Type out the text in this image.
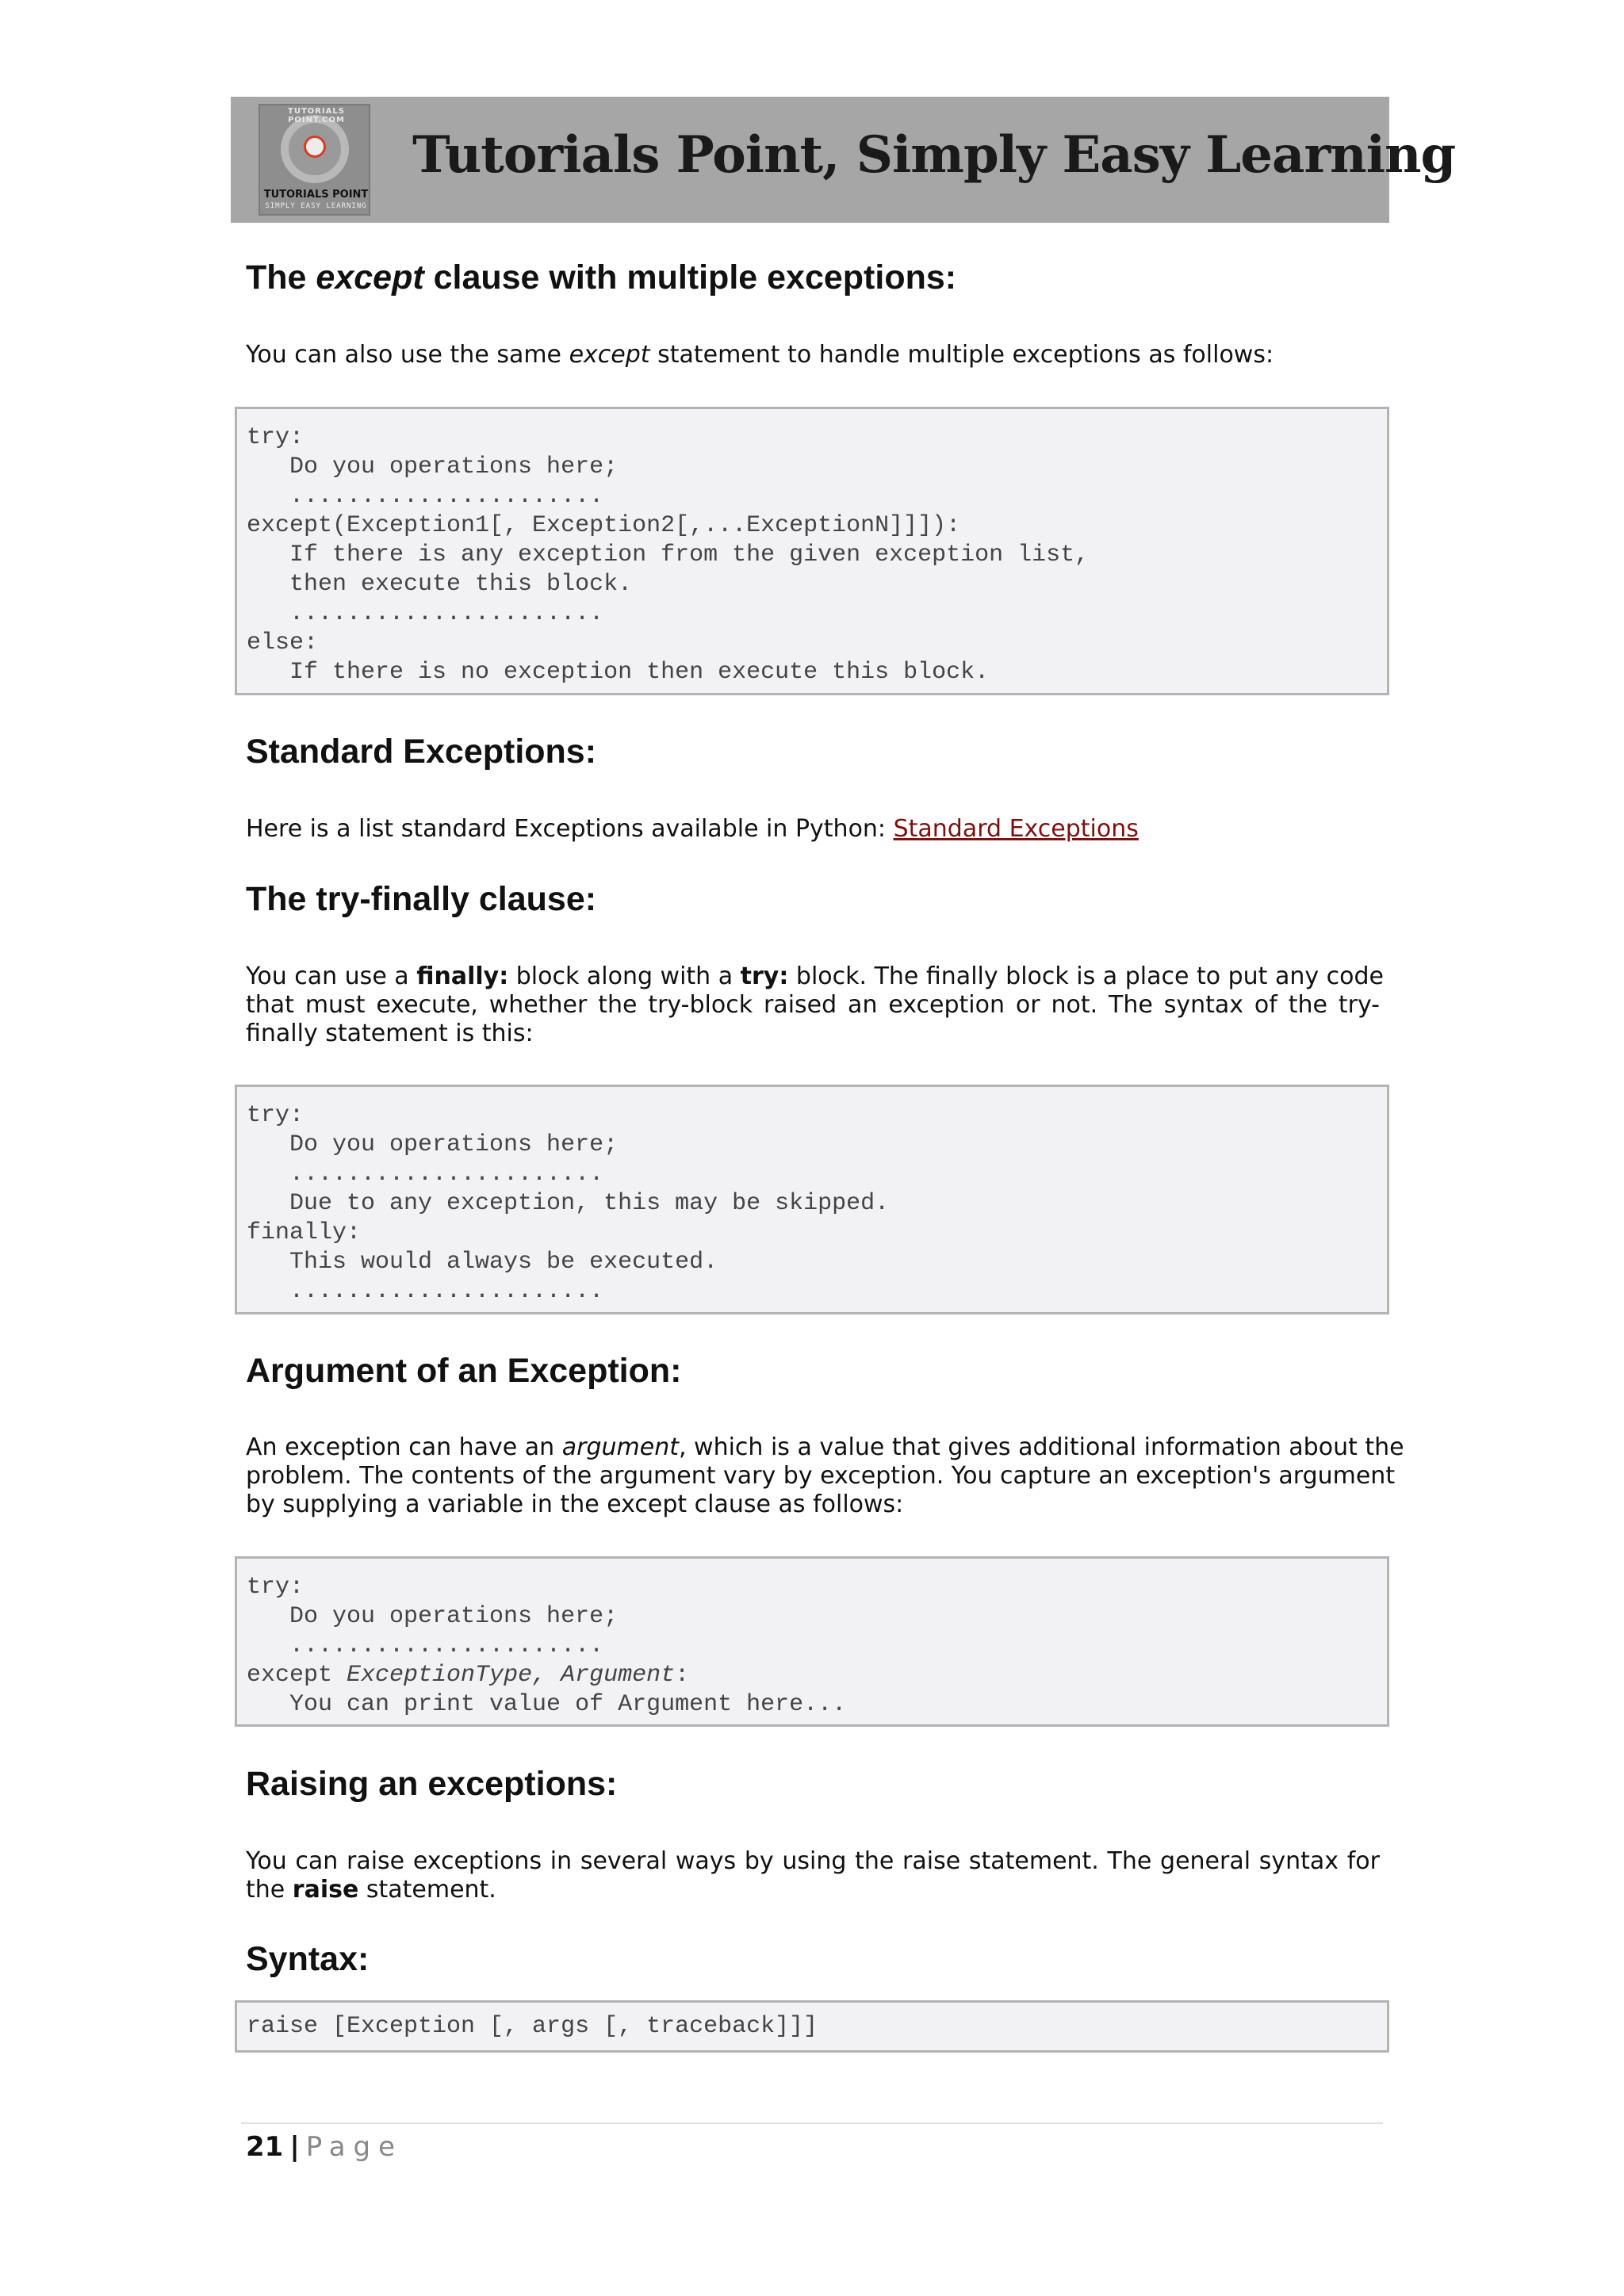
TUTORIALS POINT.COM
TUTORIALS POINT
SIMPLY EASY LEARNING
Tutorials Point, Simply Easy Learning
The except clause with multiple exceptions:
You can also use the same except statement to handle multiple exceptions as follows:
try:
Do you operations here;
......................
except(Exception1[, Exception2[,...ExceptionN]]]):
If there is any exception from the given exception list,
then execute this block.
......................
else:
If there is no exception then execute this block.
Standard Exceptions:
Here is a list standard Exceptions available in Python: Standard Exceptions
The try-finally clause:
You can use a finally: block along with a try: block. The finally block is a place to put any code
that must execute, whether the try-block raised an exception or not. The syntax of the try-
finally statement is this:
try:
Do you operations here;
......................
Due to any exception, this may be skipped.
finally:
This would always be executed.
......................
Argument of an Exception:
An exception can have an argument, which is a value that gives additional information about the
problem. The contents of the argument vary by exception. You capture an exception's argument
by supplying a variable in the except clause as follows:
try:
Do you operations here;
......................
except ExceptionType, Argument:
You can print value of Argument here...
Raising an exceptions:
You can raise exceptions in several ways by using the raise statement. The general syntax for
the raise statement.
Syntax:
raise [Exception [, args [, traceback]]]
21 | Page
